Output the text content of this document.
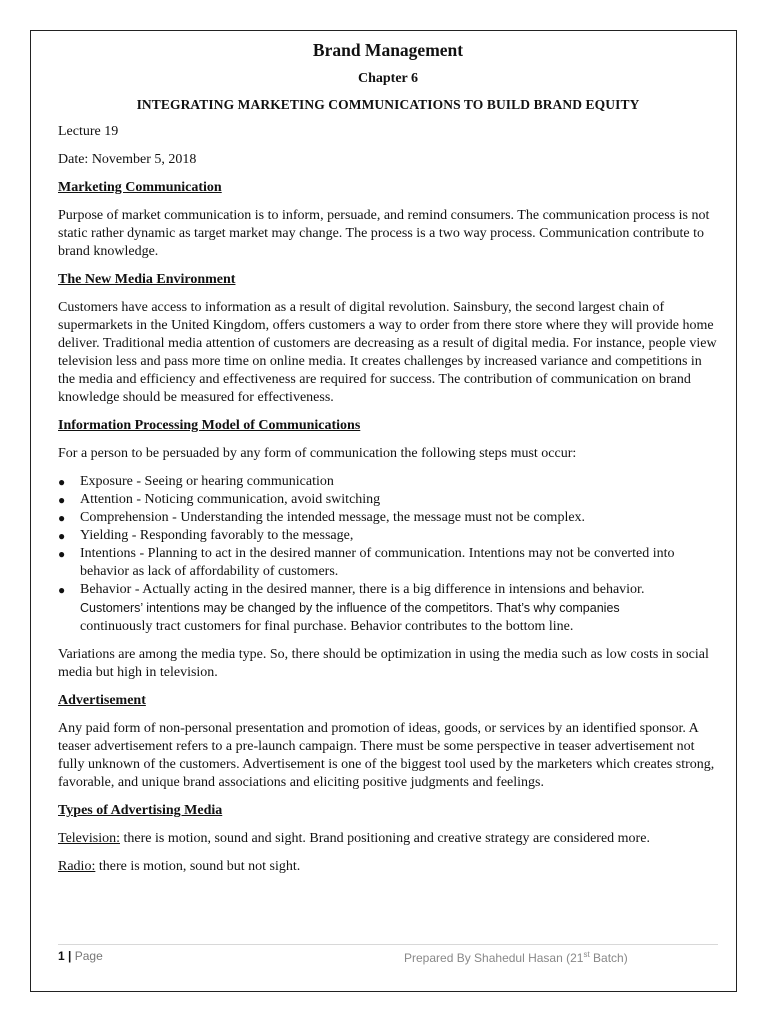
Brand Management
Chapter 6
INTEGRATING MARKETING COMMUNICATIONS TO BUILD BRAND EQUITY
Lecture 19
Date: November 5, 2018
Marketing Communication
Purpose of market communication is to inform, persuade, and remind consumers. The communication process is not static rather dynamic as target market may change. The process is a two way process. Communication contribute to brand knowledge.
The New Media Environment
Customers have access to information as a result of digital revolution. Sainsbury, the second largest chain of supermarkets in the United Kingdom, offers customers a way to order from there store where they will provide home deliver. Traditional media attention of customers are decreasing as a result of digital media. For instance, people view television less and pass more time on online media. It creates challenges by increased variance and competitions in the media and efficiency and effectiveness are required for success. The contribution of communication on brand knowledge should be measured for effectiveness.
Information Processing Model of Communications
For a person to be persuaded by any form of communication the following steps must occur:
● Exposure - Seeing or hearing communication
● Attention - Noticing communication, avoid switching
● Comprehension - Understanding the intended message, the message must not be complex.
● Yielding - Responding favorably to the message,
● Intentions - Planning to act in the desired manner of communication. Intentions may not be converted into behavior as lack of affordability of customers.
● Behavior - Actually acting in the desired manner, there is a big difference in intensions and behavior.
Customers’ intentions may be changed by the influence of the competitors. That’s why companies
continuously tract customers for final purchase. Behavior contributes to the bottom line.
Variations are among the media type. So, there should be optimization in using the media such as low costs in social media but high in television.
Advertisement
Any paid form of non-personal presentation and promotion of ideas, goods, or services by an identified sponsor. A teaser advertisement refers to a pre-launch campaign. There must be some perspective in teaser advertisement not fully unknown of the customers. Advertisement is one of the biggest tool used by the marketers which creates strong, favorable, and unique brand associations and eliciting positive judgments and feelings.
Types of Advertising Media
Television: there is motion, sound and sight. Brand positioning and creative strategy are considered more.
Radio: there is motion, sound but not sight.
1 | Page	Prepared By Shahedul Hasan (21st Batch)
